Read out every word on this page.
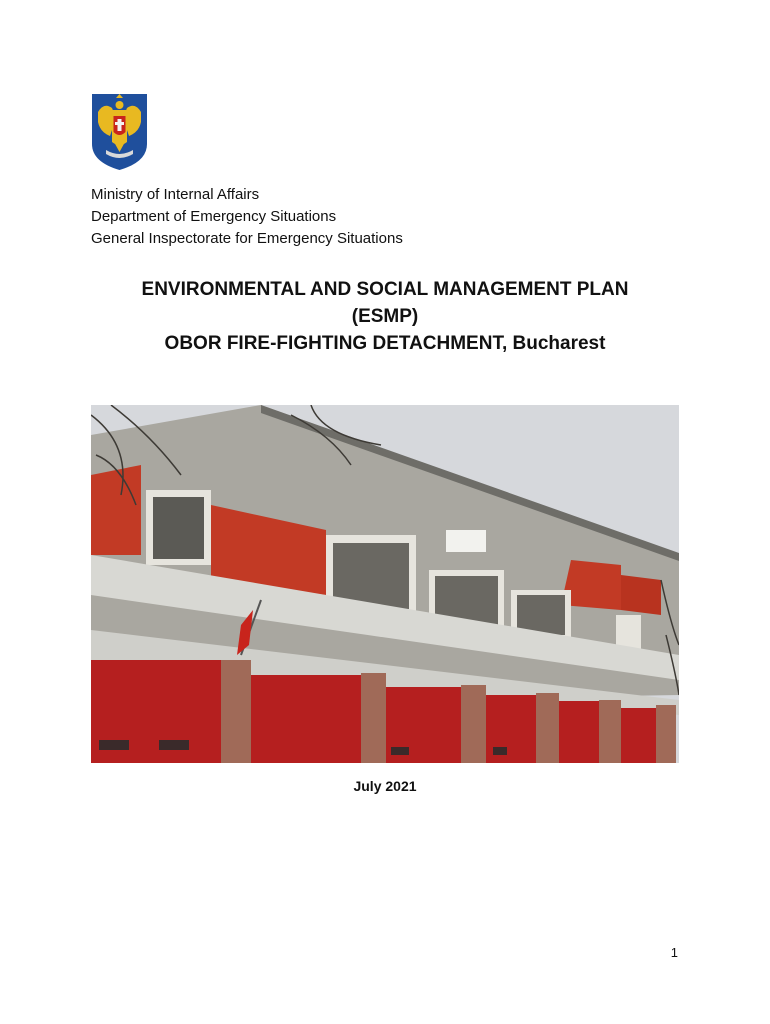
Ministry of Internal Affairs
Department of Emergency Situations
General Inspectorate for Emergency Situations
ENVIRONMENTAL AND SOCIAL MANAGEMENT PLAN
(ESMP)
OBOR FIRE-FIGHTING DETACHMENT, Bucharest
July 2021
1
